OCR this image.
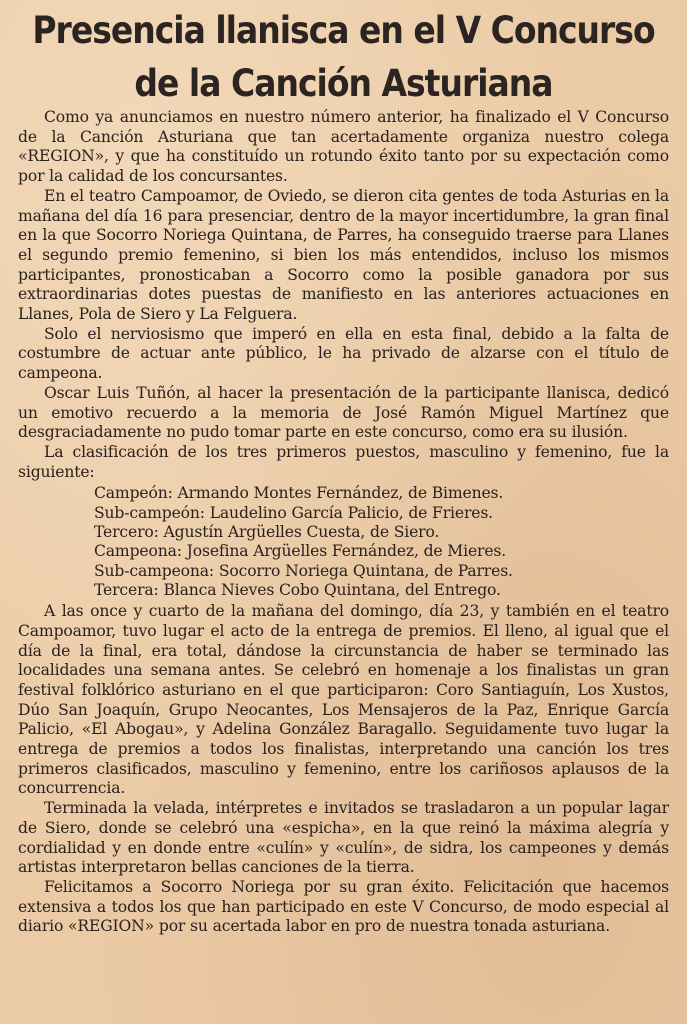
Presencia llanisca en el V Concurso
de la Canción Asturiana

Como ya anunciamos en nuestro número anterior, ha finalizado el V Concurso de la Canción Asturiana que tan acertadamente organiza nuestro colega «REGION», y que ha constituído un rotundo éxito tanto por su expectación como por la calidad de los concursantes.

En el teatro Campoamor, de Oviedo, se dieron cita gentes de toda Asturias en la mañana del día 16 para presenciar, dentro de la mayor incertidumbre, la gran final en la que Socorro Noriega Quintana, de Parres, ha conseguido traerse para Llanes el segundo premio femenino, si bien los más entendidos, incluso los mismos participantes, pronosticaban a Socorro como la posible ganadora por sus extraordinarias dotes puestas de manifiesto en las anteriores actuaciones en Llanes, Pola de Siero y La Felguera.

Solo el nerviosismo que imperó en ella en esta final, debido a la falta de costumbre de actuar ante público, le ha privado de alzarse con el título de campeona.

Oscar Luis Tuñón, al hacer la presentación de la participante llanisca, dedicó un emotivo recuerdo a la memoria de José Ramón Miguel Martínez que desgraciadamente no pudo tomar parte en este concurso, como era su ilusión.

La clasificación de los tres primeros puestos, masculino y femenino, fue la siguiente:

Campeón: Armando Montes Fernández, de Bimenes.
Sub-campeón: Laudelino García Palicio, de Frieres.
Tercero: Agustín Argüelles Cuesta, de Siero.
Campeona: Josefina Argüelles Fernández, de Mieres.
Sub-campeona: Socorro Noriega Quintana, de Parres.
Tercera: Blanca Nieves Cobo Quintana, del Entrego.

A las once y cuarto de la mañana del domingo, día 23, y también en el teatro Campoamor, tuvo lugar el acto de la entrega de premios. El lleno, al igual que el día de la final, era total, dándose la circunstancia de haber se terminado las localidades una semana antes. Se celebró en homenaje a los finalistas un gran festival folklórico asturiano en el que participaron: Coro Santiaguín, Los Xustos, Dúo San Joaquín, Grupo Neocantes, Los Mensajeros de la Paz, Enrique García Palicio, «El Abogau», y Adelina González Baragallo. Seguidamente tuvo lugar la entrega de premios a todos los finalistas, interpretando una canción los tres primeros clasificados, masculino y femenino, entre los cariñosos aplausos de la concurrencia.

Terminada la velada, intérpretes e invitados se trasladaron a un popular lagar de Siero, donde se celebró una «espicha», en la que reinó la máxima alegría y cordialidad y en donde entre «culín» y «culín», de sidra, los campeones y demás artistas interpretaron bellas canciones de la tierra.

Felicitamos a Socorro Noriega por su gran éxito. Felicitación que hacemos extensiva a todos los que han participado en este V Concurso, de modo especial al diario «REGION» por su acertada labor en pro de nuestra tonada asturiana.
